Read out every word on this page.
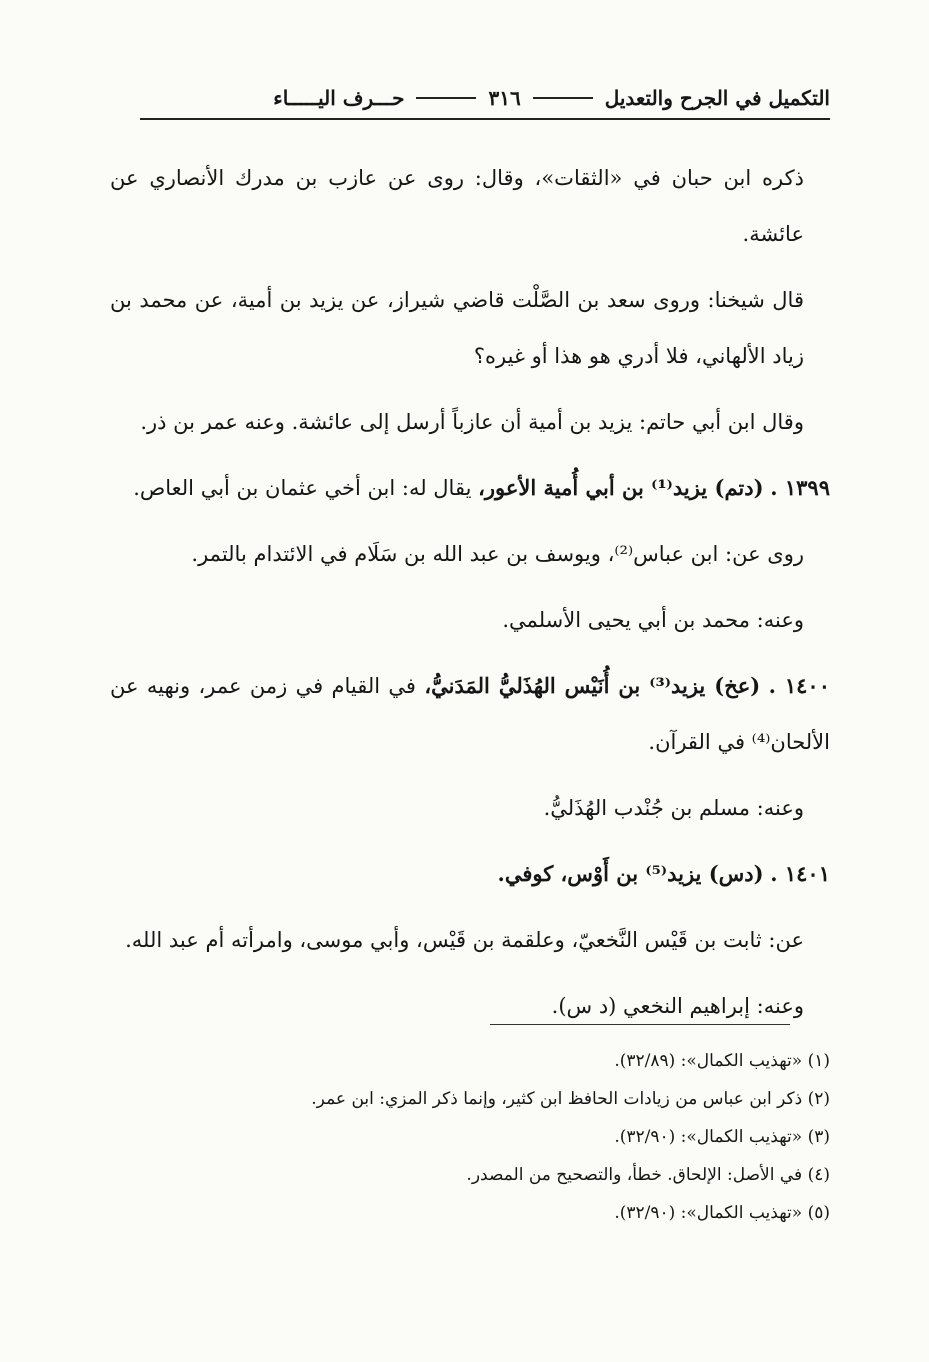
التكميل في الجرح والتعديل
٣١٦
حـــرف اليـــــاء

ذكره ابن حبان في «الثقات»، وقال: روى عن عازب بن مدرك الأنصاري عن عائشة.

قال شيخنا: وروى سعد بن الصَّلْت قاضي شيراز، عن يزيد بن أمية، عن محمد بن زياد الألهاني، فلا أدري هو هذا أو غيره؟

وقال ابن أبي حاتم: يزيد بن أمية أن عازباً أرسل إلى عائشة. وعنه عمر بن ذر.

١٣٩٩ . (دتم) يزيد⁽¹⁾ بن أبي أُمية الأعور، يقال له: ابن أخي عثمان بن أبي العاص.

روى عن: ابن عباس⁽²⁾، ويوسف بن عبد الله بن سَلَام في الائتدام بالتمر.

وعنه: محمد بن أبي يحيى الأسلمي.

١٤٠٠ . (عخ) يزيد⁽³⁾ بن أُنَيْس الهُذَليُّ المَدَنيُّ، في القيام في زمن عمر، ونهيه عن الألحان⁽⁴⁾ في القرآن.

وعنه: مسلم بن جُنْدب الهُذَليُّ.

١٤٠١ . (دس) يزيد⁽⁵⁾ بن أَوْس، كوفي.

عن: ثابت بن قَيْس النَّخعيّ، وعلقمة بن قَيْس، وأبي موسى، وامرأته أم عبد الله.

وعنه: إبراهيم النخعي (د س).

(١) «تهذيب الكمال»: (٣٢/٨٩).
(٢) ذكر ابن عباس من زيادات الحافظ ابن كثير، وإنما ذكر المزي: ابن عمر.
(٣) «تهذيب الكمال»: (٣٢/٩٠).
(٤) في الأصل: الإلحاق. خطأ، والتصحيح من المصدر.
(٥) «تهذيب الكمال»: (٣٢/٩٠).
